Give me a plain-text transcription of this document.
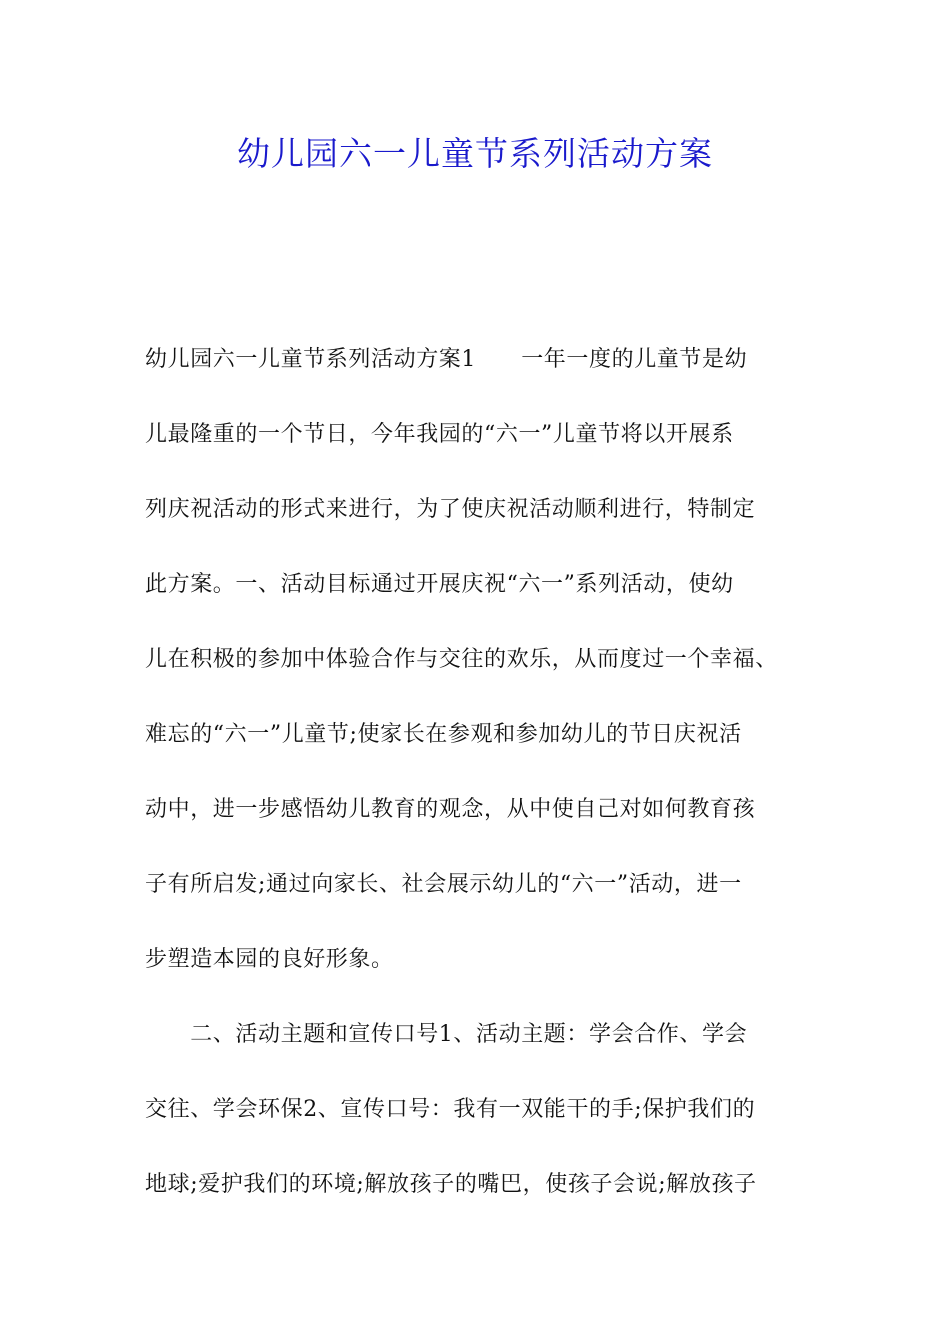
幼儿园六一儿童节系列活动方案
幼儿园六一儿童节系列活动方案1　　一年一度的儿童节是幼
儿最隆重的一个节日，今年我园的“六一”儿童节将以开展系
列庆祝活动的形式来进行，为了使庆祝活动顺利进行，特制定
此方案。一、活动目标通过开展庆祝“六一”系列活动，使幼
儿在积极的参加中体验合作与交往的欢乐，从而度过一个幸福、
难忘的“六一”儿童节;使家长在参观和参加幼儿的节日庆祝活
动中，进一步感悟幼儿教育的观念，从中使自己对如何教育孩
子有所启发;通过向家长、社会展示幼儿的“六一”活动，进一
步塑造本园的良好形象。
　　二、活动主题和宣传口号1、活动主题：学会合作、学会
交往、学会环保2、宣传口号：我有一双能干的手;保护我们的
地球;爱护我们的环境;解放孩子的嘴巴，使孩子会说;解放孩子
